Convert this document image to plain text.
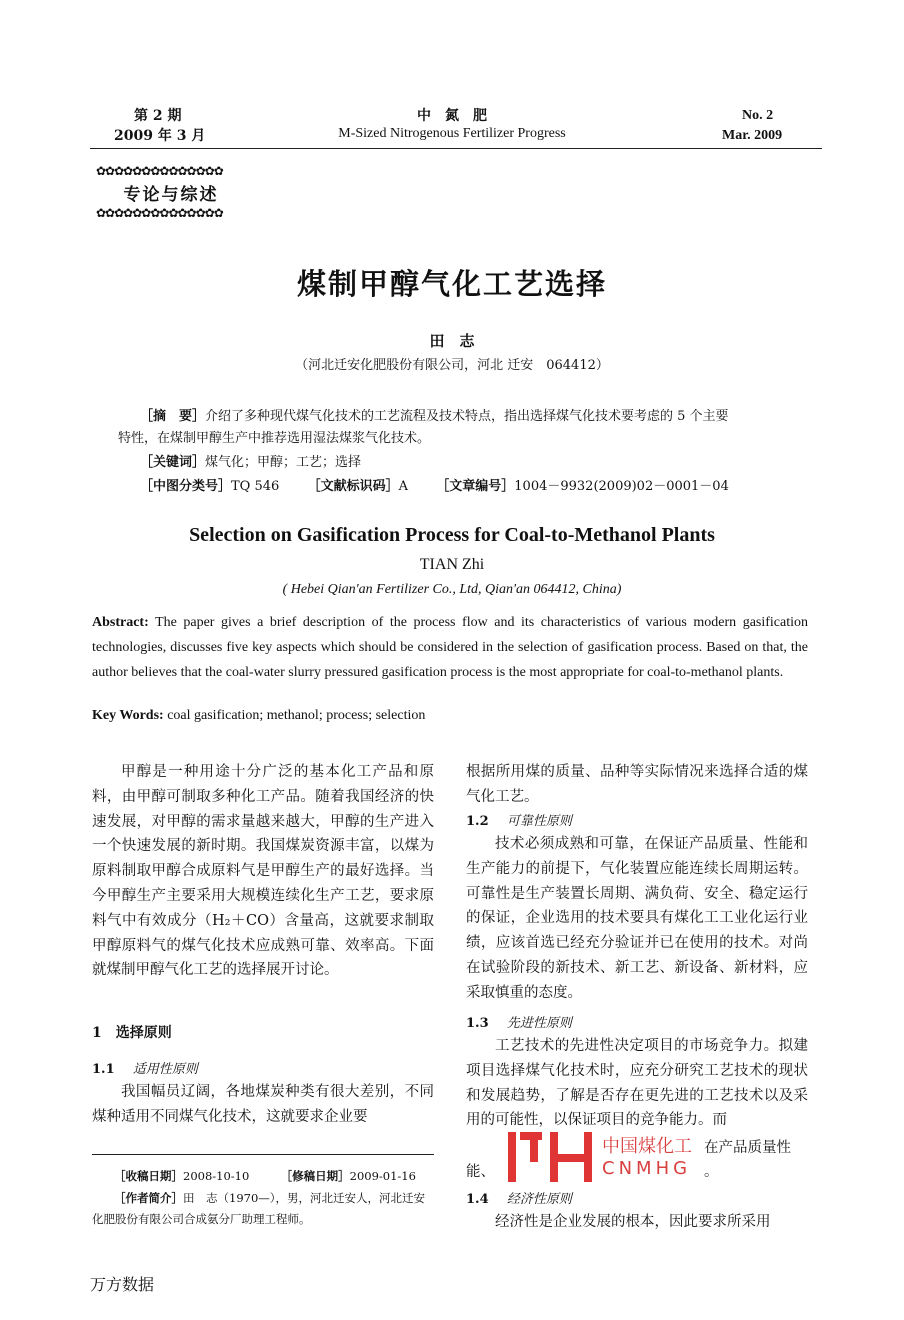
第 2 期
2009 年 3 月
中　氮　肥
M-Sized Nitrogenous Fertilizer Progress
No. 2
Mar. 2009
✿✿✿✿✿✿✿✿✿✿✿✿✿✿
专论与综述
✿✿✿✿✿✿✿✿✿✿✿✿✿✿
煤制甲醇气化工艺选择
田　志
（河北迁安化肥股份有限公司，河北 迁安　064412）
［摘　要］介绍了多种现代煤气化技术的工艺流程及技术特点，指出选择煤气化技术要考虑的 5 个主要
特性，在煤制甲醇生产中推荐选用湿法煤浆气化技术。
［关键词］煤气化；甲醇；工艺；选择
［中图分类号］TQ 546 ［文献标识码］A ［文章编号］1004－9932(2009)02－0001－04
Selection on Gasification Process for Coal-to-Methanol Plants
TIAN Zhi
( Hebei Qian'an Fertilizer Co., Ltd, Qian'an 064412, China)
Abstract: The paper gives a brief description of the process flow and its characteristics of various modern gasification technologies, discusses five key aspects which should be considered in the selection of gasification process. Based on that, the author believes that the coal-water slurry pressured gasification process is the most appropriate for coal-to-methanol plants.
Key Words: coal gasification; methanol; process; selection

甲醇是一种用途十分广泛的基本化工产品和原料，由甲醇可制取多种化工产品。随着我国经济的快速发展，对甲醇的需求量越来越大，甲醇的生产进入一个快速发展的新时期。我国煤炭资源丰富，以煤为原料制取甲醇合成原料气是甲醇生产的最好选择。当今甲醇生产主要采用大规模连续化生产工艺，要求原料气中有效成分（H₂＋CO）含量高，这就要求制取甲醇原料气的煤气化技术应成熟可靠、效率高。下面就煤制甲醇气化工艺的选择展开讨论。

1　选择原则
1.1 适用性原则

我国幅员辽阔，各地煤炭种类有很大差别，不同煤种适用不同煤气化技术，这就要求企业要

［收稿日期］2008-10-10	［修稿日期］2009-01-16
［作者简介］田　志（1970—），男，河北迁安人，河北迁安化肥股份有限公司合成氨分厂助理工程师。
根据所用煤的质量、品种等实际情况来选择合适的煤气化工艺。
1.2 可靠性原则

技术必须成熟和可靠，在保证产品质量、性能和生产能力的前提下，气化装置应能连续长周期运转。可靠性是生产装置长周期、满负荷、安全、稳定运行的保证，企业选用的技术要具有煤化工工业化运行业绩，应该首选已经充分验证并已在使用的技术。对尚在试验阶段的新技术、新工艺、新设备、新材料，应采取慎重的态度。

1.3 先进性原则

工艺技术的先进性决定项目的市场竞争力。拟建项目选择煤气化技术时，应充分研究工艺技术的现状和发展趋势，了解是否存在更先进的工艺技术以及采用的可能性，以保证项目的竞争能力。而

在产品质量性
能、	。
中国煤化工
CNMHG
1.4 经济性原则

经济性是企业发展的根本，因此要求所采用

万方数据
